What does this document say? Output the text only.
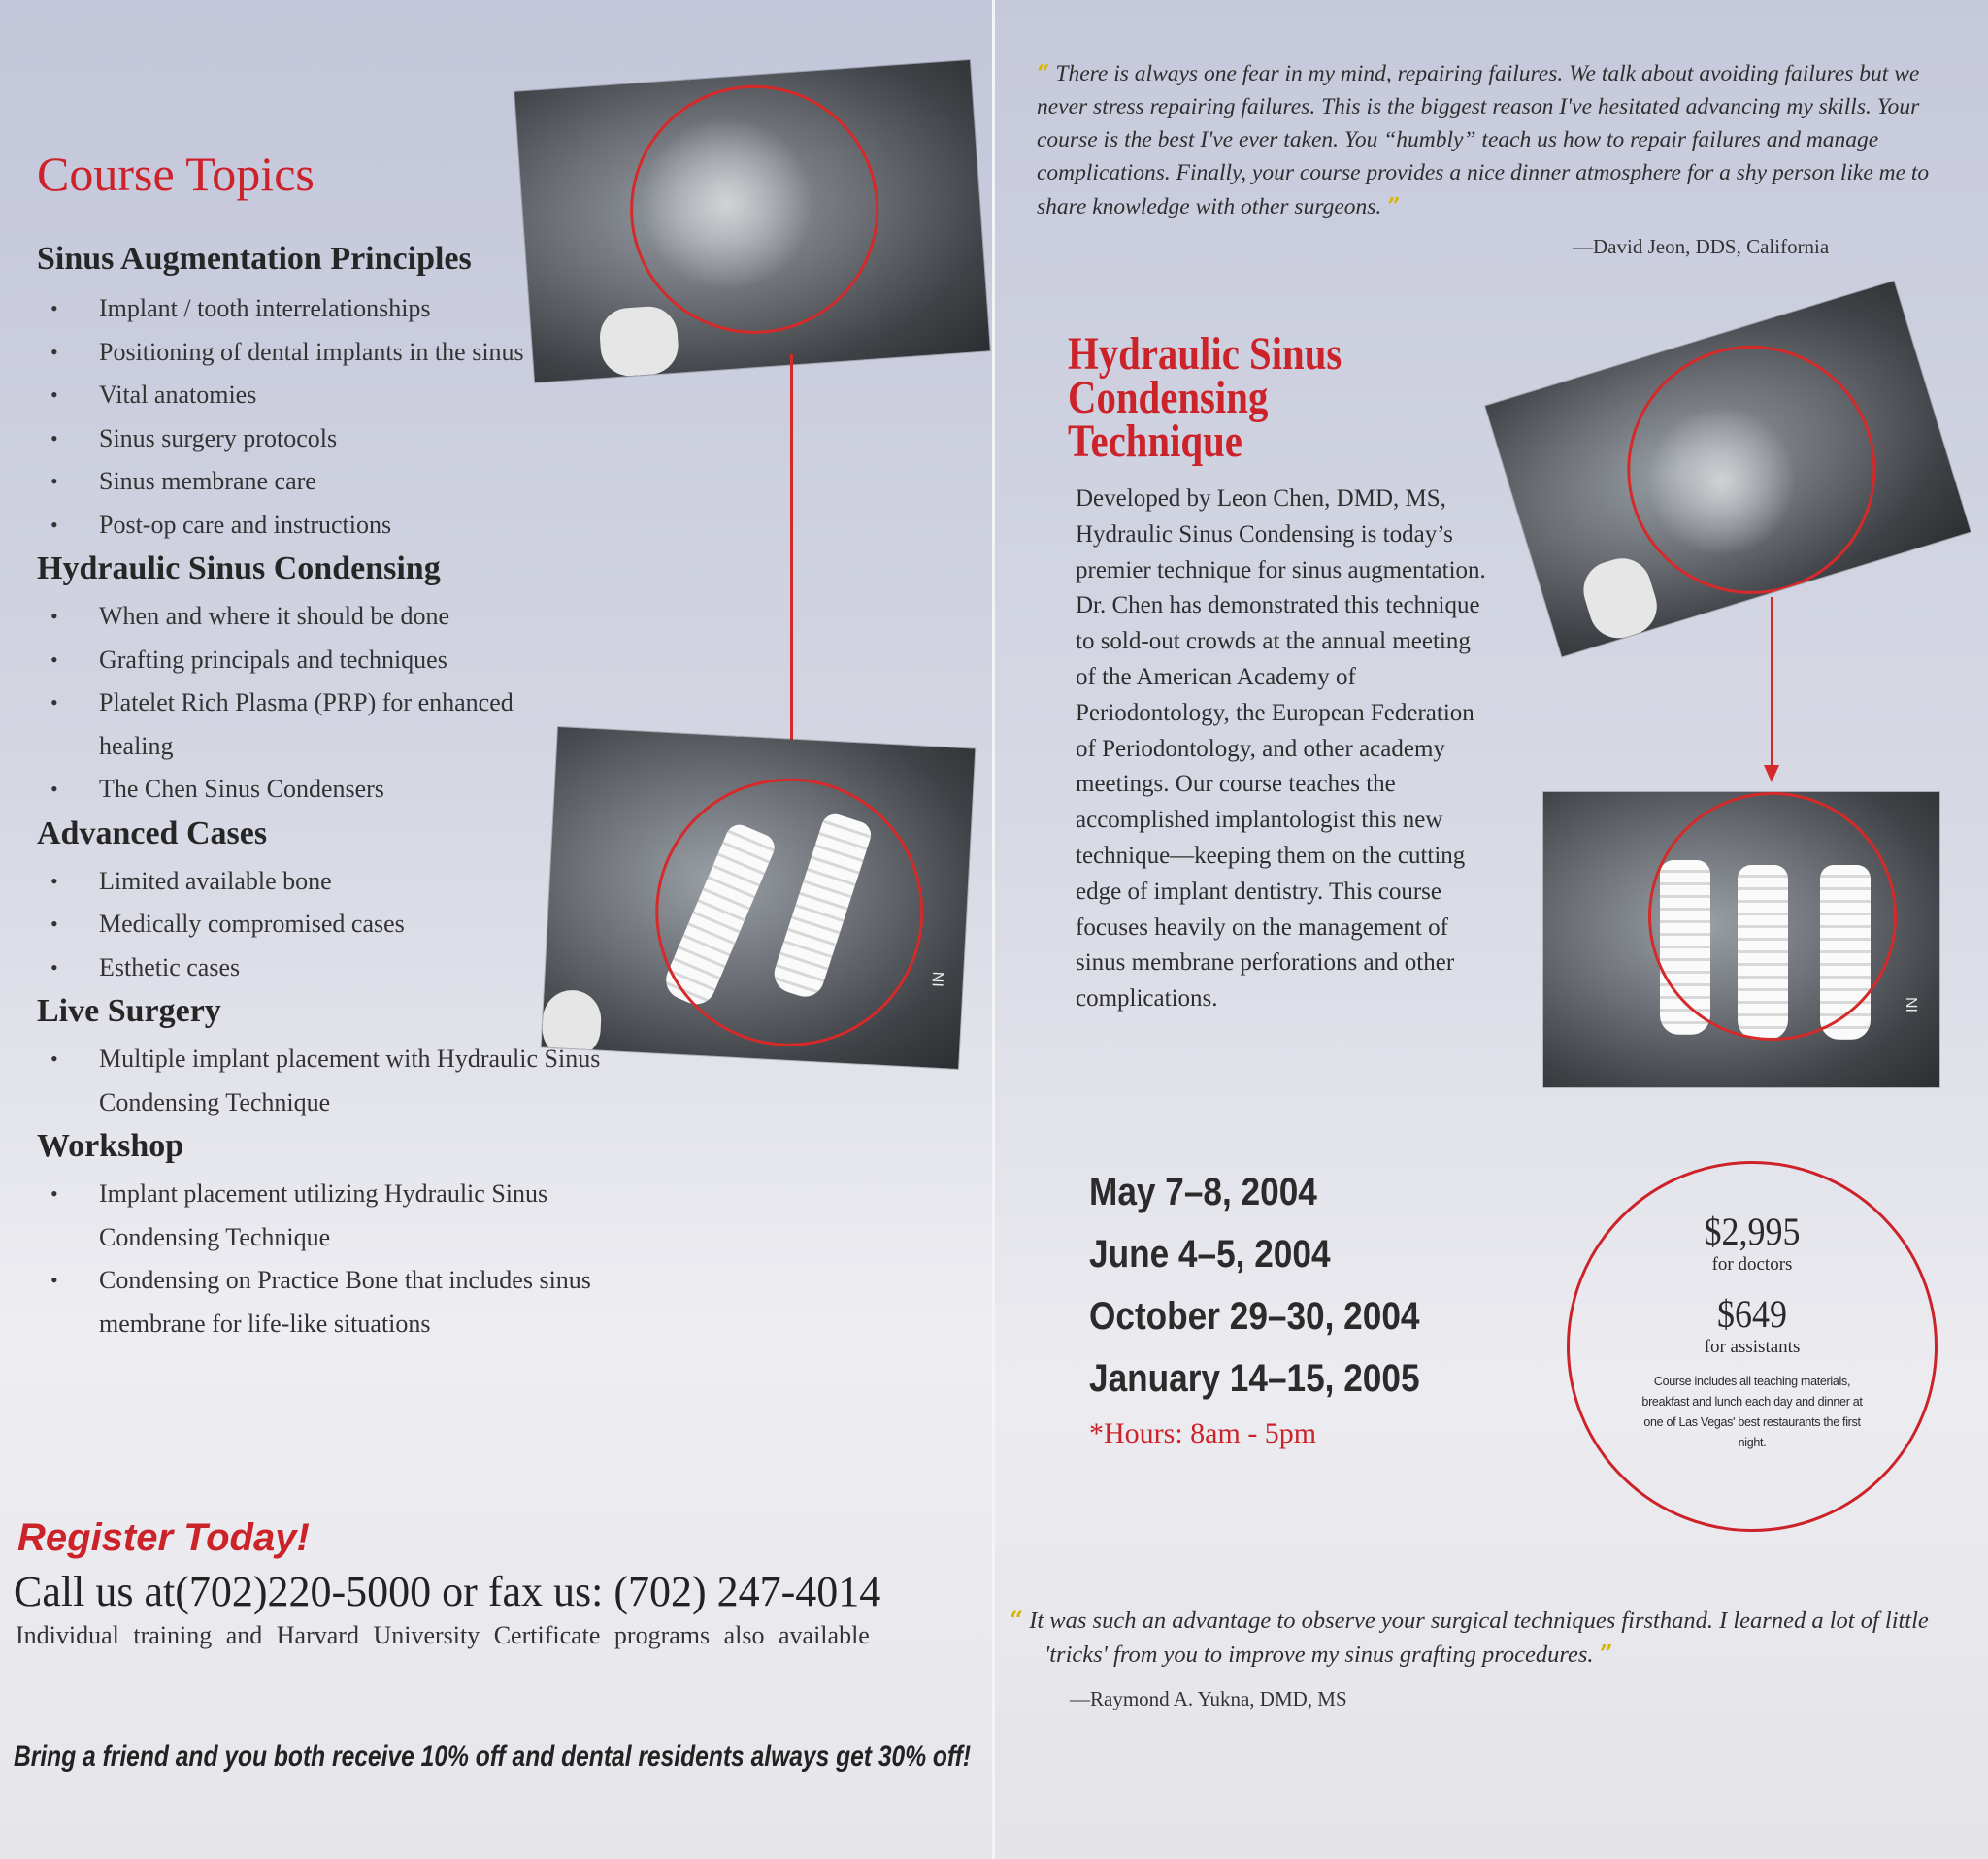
Course Topics
Sinus Augmentation Principles
• Implant / tooth interrelationships
• Positioning of dental implants in the sinus
• Vital anatomies
• Sinus surgery protocols
• Sinus membrane care
• Post-op care and instructions
Hydraulic Sinus Condensing
• When and where it should be done
• Grafting principals and techniques
• Platelet Rich Plasma (PRP) for enhanced healing
• The Chen Sinus Condensers
Advanced Cases
• Limited available bone
• Medically compromised cases
• Esthetic cases
Live Surgery
• Multiple implant placement with Hydraulic Sinus Condensing Technique
Workshop
• Implant placement utilizing Hydraulic Sinus Condensing Technique
• Condensing on Practice Bone that includes sinus membrane for life-like situations
NI
Register Today!
Call us at(702)220-5000 or fax us: (702) 247-4014
Individual training and Harvard University Certificate programs also available
Bring a friend and you both receive 10% off and dental residents always get 30% off!
“ There is always one fear in my mind, repairing failures. We talk about avoiding failures but we never stress repairing failures. This is the biggest reason I've hesitated advancing my skills. Your course is the best I've ever taken. You “humbly” teach us how to repair failures and manage complications. Finally, your course provides a nice dinner atmosphere for a shy person like me to share knowledge with other surgeons. ”
—David Jeon, DDS, California
Hydraulic Sinus Condensing Technique
Developed by Leon Chen, DMD, MS, Hydraulic Sinus Condensing is today’s premier technique for sinus augmentation. Dr. Chen has demonstrated this technique to sold-out crowds at the annual meeting of the American Academy of Periodontology, the European Federation of Periodontology, and other academy meetings. Our course teaches the accomplished implantologist this new technique—keeping them on the cutting edge of implant dentistry. This course focuses heavily on the management of sinus membrane perforations and other complications.	NI
May 7–8, 2004
June 4–5, 2004
October 29–30, 2004
January 14–15, 2005
*Hours: 8am - 5pm
$2,995
for doctors
$649
for assistants
Course includes all teaching materials, breakfast and lunch each day and dinner at one of Las Vegas' best restaurants the first night.
“ It was such an advantage to observe your surgical techniques firsthand. I learned a lot of little 'tricks' from you to improve my sinus grafting procedures. ”
—Raymond A. Yukna, DMD, MS
